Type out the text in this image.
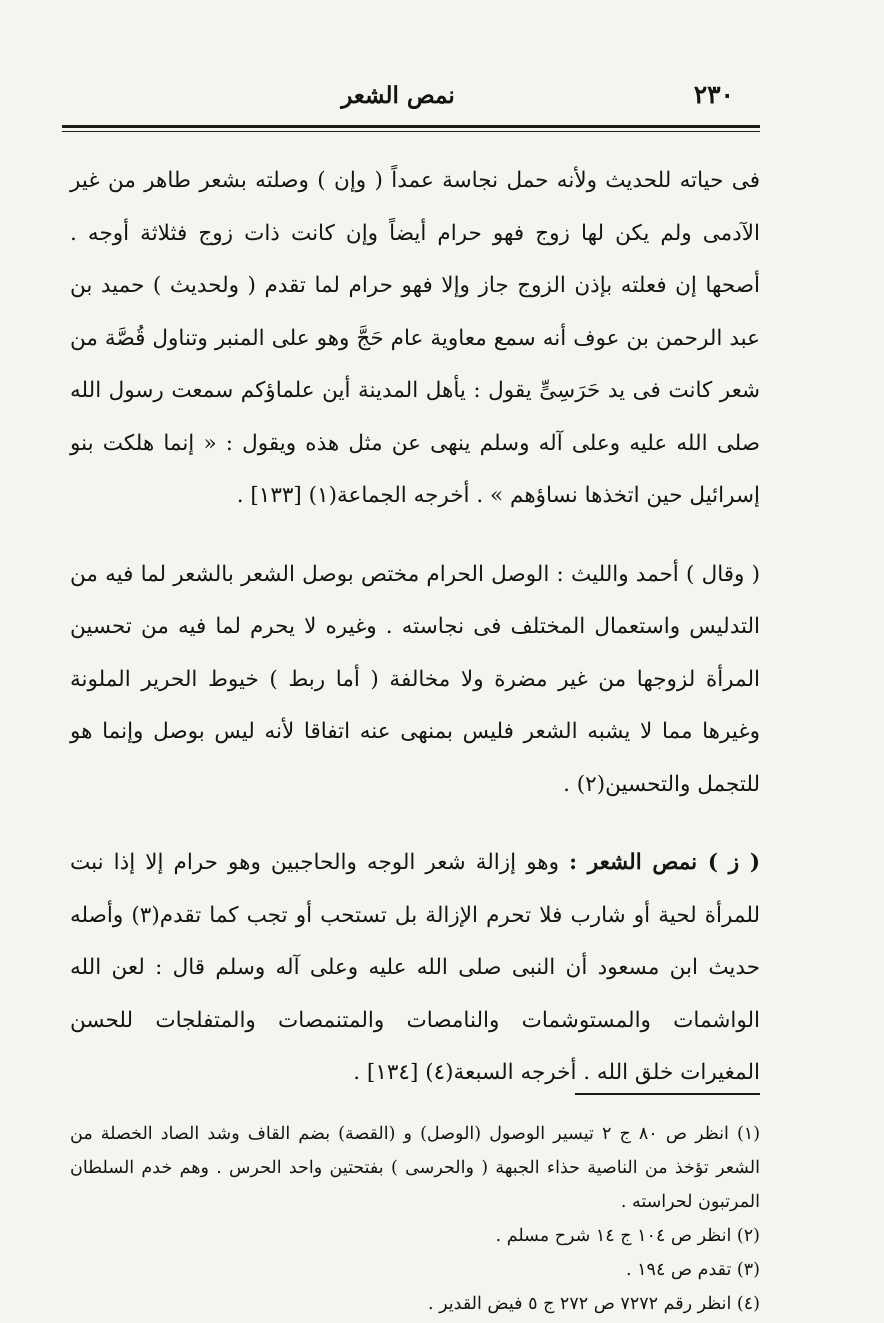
٢٣٠
نمص الشعر

فى حياته للحديث ولأنه حمل نجاسة عمداً ( وإن ) وصلته بشعر طاهر من غير الآدمى ولم يكن لها زوج فهو حرام أيضاً وإن كانت ذات زوج فثلاثة أوجه . أصحها إن فعلته بإذن الزوج جاز وإلا فهو حرام لما تقدم ( ولحديث ) حميد بن عبد الرحمن بن عوف أنه سمع معاوية عام حَجَّ وهو على المنبر وتناول قُصَّة من شعر كانت فى يد حَرَسِىٍّ يقول : يأهل المدينة أين علماؤكم سمعت رسول الله صلى الله عليه وعلى آله وسلم ينهى عن مثل هذه ويقول : « إنما هلكت بنو إسرائيل حين اتخذها نساؤهم » . أخرجه الجماعة(١) [١٣٣] .

( وقال ) أحمد والليث : الوصل الحرام مختص بوصل الشعر بالشعر لما فيه من التدليس واستعمال المختلف فى نجاسته . وغيره لا يحرم لما فيه من تحسين المرأة لزوجها من غير مضرة ولا مخالفة ( أما ربط ) خيوط الحرير الملونة وغيرها مما لا يشبه الشعر فليس بمنهى عنه اتفاقا لأنه ليس بوصل وإنما هو للتجمل والتحسين(٢) .

( ز ) نمص الشعر : وهو إزالة شعر الوجه والحاجبين وهو حرام إلا إذا نبت للمرأة لحية أو شارب فلا تحرم الإزالة بل تستحب أو تجب كما تقدم(٣) وأصله حديث ابن مسعود أن النبى صلى الله عليه وعلى آله وسلم قال : لعن الله الواشمات والمستوشمات والنامصات والمتنمصات والمتفلجات للحسن المغيرات خلق الله . أخرجه السبعة(٤) [١٣٤] .

(١) انظر ص ٨٠ ج ٢ تيسير الوصول (الوصل) و (القصة) بضم القاف وشد الصاد الخصلة من الشعر تؤخذ من الناصية حذاء الجبهة ( والحرسى ) بفتحتين واحد الحرس . وهم خدم السلطان المرتبون لحراسته .

(٢) انظر ص ١٠٤ ج ١٤ شرح مسلم .

(٣) تقدم ص ١٩٤ .

(٤) انظر رقم ٧٢٧٢ ص ٢٧٢ ج ٥ فيض القدير .
